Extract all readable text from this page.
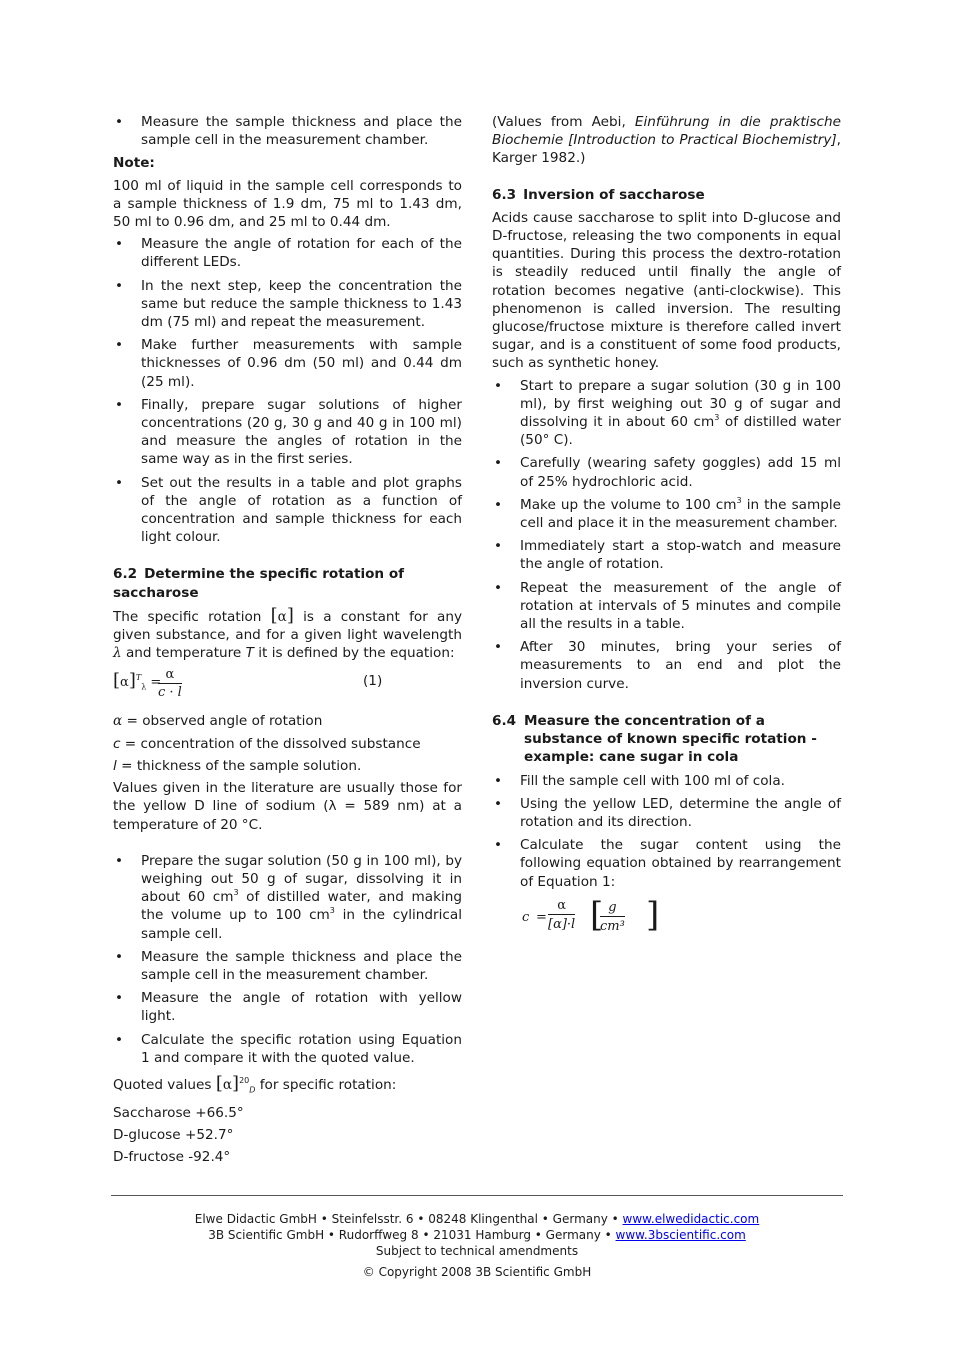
• Measure the sample thickness and place the sample cell in the measurement chamber.

Note:

100 ml of liquid in the sample cell corresponds to a sample thickness of 1.9 dm, 75 ml to 1.43 dm, 50 ml to 0.96 dm, and 25 ml to 0.44 dm.

• Measure the angle of rotation for each of the different LEDs.
• In the next step, keep the concentration the same but reduce the sample thickness to 1.43 dm (75 ml) and repeat the measurement.
• Make further measurements with sample thicknesses of 0.96 dm (50 ml) and 0.44 dm (25 ml).
• Finally, prepare sugar solutions of higher concentrations (20 g, 30 g and 40 g in 100 ml) and measure the angles of rotation in the same way as in the first series.
• Set out the results in a table and plot graphs of the angle of rotation as a function of concentration and sample thickness for each light colour.
6.2 Determine the specific rotation of saccharose

The specific rotation [α] is a constant for any given substance, and for a given light wavelength λ and temperature T it is defined by the equation:

$[\alpha]^T_\lambda$ =
$\frac{\alpha}{c \cdot l}$	(1)

α = observed angle of rotation

c = concentration of the dissolved substance

l = thickness of the sample solution.

Values given in the literature are usually those for the yellow D line of sodium (λ = 589 nm) at a temperature of 20 °C.

• Prepare the sugar solution (50 g in 100 ml), by weighing out 50 g of sugar, dissolving it in about 60 $cm^3$ of distilled water, and making the volume up to 100 $cm^3$ in the cylindrical sample cell.
• Measure the sample thickness and place the sample cell in the measurement chamber.
• Measure the angle of rotation with yellow light.
• Calculate the specific rotation using Equation 1 and compare it with the quoted value.

Quoted values $[\alpha]^{20}_D$ for specific rotation:

Saccharose +66.5°

D-glucose +52.7°

D-fructose -92.4°

(Values from Aebi, Einführung in die praktische Biochemie [Introduction to Practical Biochemistry], Karger 1982.)

6.3 Inversion of saccharose

Acids cause saccharose to split into D-glucose and D-fructose, releasing the two components in equal quantities. During this process the dextro-rotation is steadily reduced until finally the angle of rotation becomes negative (anti-clockwise). This phenomenon is called inversion. The resulting glucose/fructose mixture is therefore called invert sugar, and is a constituent of some food products, such as synthetic honey.

• Start to prepare a sugar solution (30 g in 100 ml), by first weighing out 30 g of sugar and dissolving it in about 60 $cm^3$ of distilled water (50° C).
• Carefully (wearing safety goggles) add 15 ml of 25% hydrochloric acid.
• Make up the volume to 100 $cm^3$ in the sample cell and place it in the measurement chamber.
• Immediately start a stop-watch and measure the angle of rotation.
• Repeat the measurement of the angle of rotation at intervals of 5 minutes and compile all the results in a table.
• After 30 minutes, bring your series of measurements to an end and plot the inversion curve.
6.4 Measure the concentration of a substance of known specific rotation - example: cane sugar in cola
• Fill the sample cell with 100 ml of cola.
• Using the yellow LED, determine the angle of rotation and its direction.
• Calculate the sugar content using the following equation obtained by rearrangement of Equation 1:
$c = \frac{\alpha}{[\alpha]\cdot l}$ [
$\frac{g}{\text{cm³}}$ ]
Elwe Didactic GmbH • Steinfelsstr. 6 • 08248 Klingenthal • Germany • www.elwedidactic.com
3B Scientific GmbH • Rudorffweg 8 • 21031 Hamburg • Germany • www.3bscientific.com
Subject to technical amendments
© Copyright 2008 3B Scientific GmbH
